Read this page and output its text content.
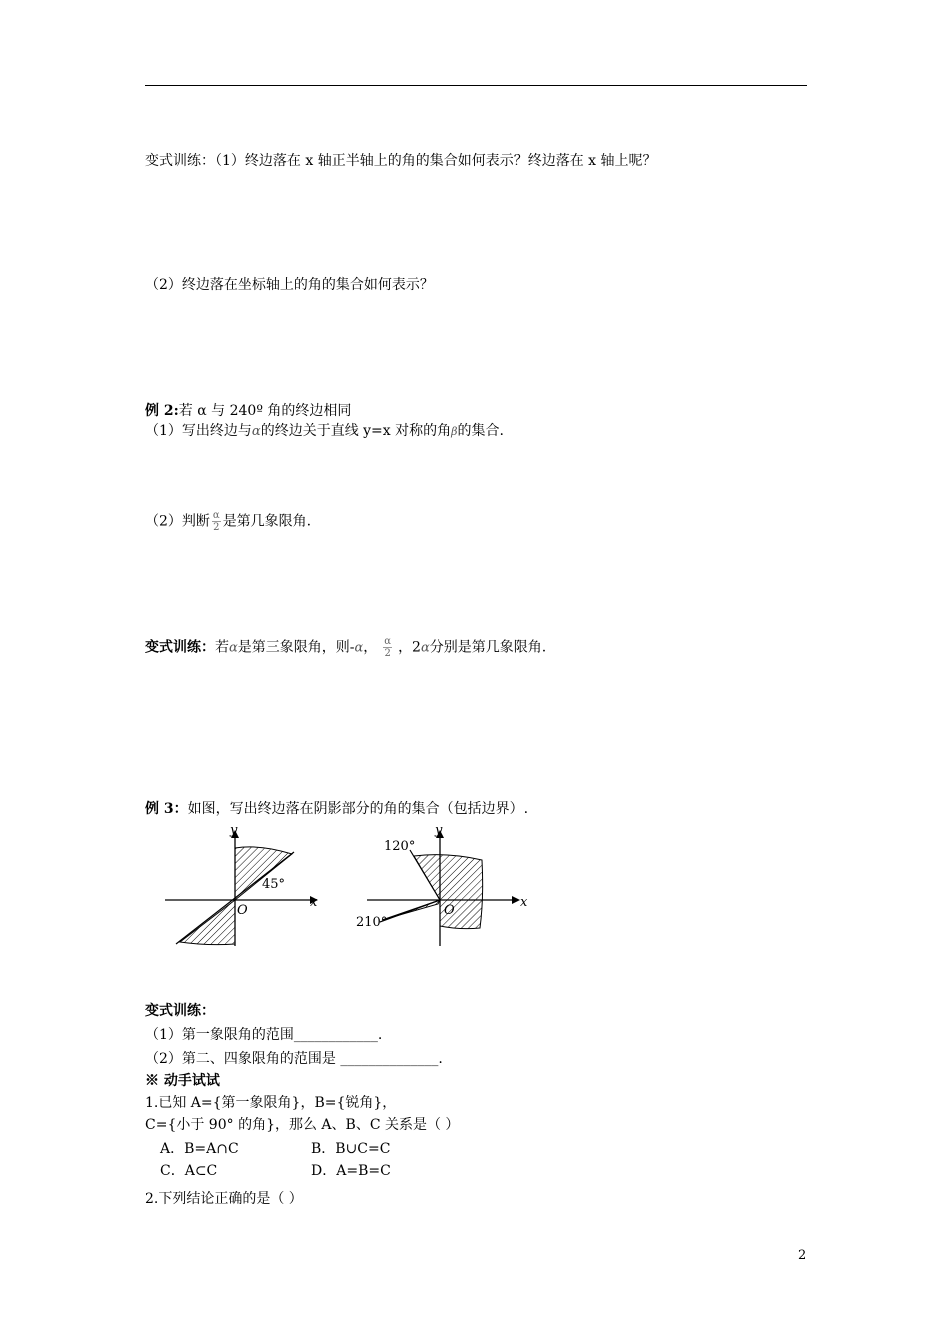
变式训练：（1）终边落在 x 轴正半轴上的角的集合如何表示？终边落在 x 轴上呢？
（2）终边落在坐标轴上的角的集合如何表示？
例 2:若 α 与 240º 角的终边相同
（1）写出终边与α的终边关于直线 y=x 对称的角β的集合.
（2）判断 $\frac{\alpha}{2}$ 是第几象限角.
变式训练：若α是第三象限角，则-α， $\frac{\alpha}{2}$ ，2α分别是第几象限角.
例 3：如图，写出终边落在阴影部分的角的集合（包括边界）.
x
y
O
45°
x
y
O
120°
210°
变式训练：
（1）第一象限角的范围____________.
（2）第二、四象限角的范围是 ______________.
※ 动手试试
1.已知 A={第一象限角}，B={锐角}，
C={小于 90° 的角}，那么 A、B、C 关系是（ ）
A．B=A∩C	B．B∪C=C
C．A⊂C	D．A=B=C
2.下列结论正确的是（ ）
2
